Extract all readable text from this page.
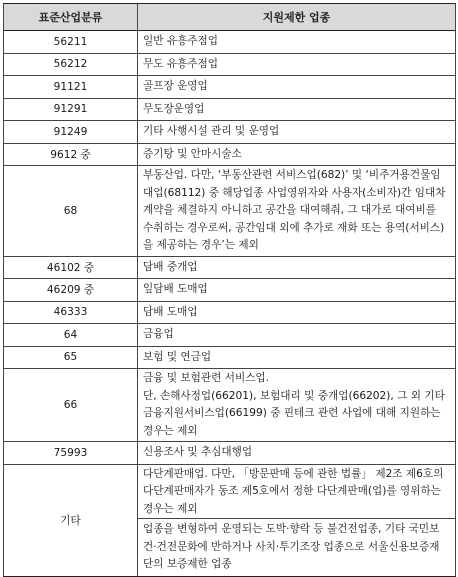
표준산업분류	지원제한 업종
56211	일반 유흥주점업

56212	무도 유흥주점업

91121	골프장 운영업

91291	무도장운영업

91249	기타 사행시설 관리 및 운영업

9612 중	증기탕 및 안마시술소

68	부동산업. 다만, ‘부동산관련 서비스업(682)’ 및 ‘비주거용건물임대업(68112) 중 해당업종 사업영위자와 사용자(소비자)간 임대차계약을 체결하지 아니하고 공간을 대여해줘, 그 대가로 대여비를 수취하는 경우로써, 공간임대 외에 추가로 재화 또는 용역(서비스)을 제공하는 경우’는 제외

46102 중	담배 중개업

46209 중	잎담배 도매업

46333	담배 도매업

64	금융업

65	보험 및 연금업

66	금융 및 보험관련 서비스업.
단, 손해사정업(66201), 보험대리 및 중개업(66202), 그 외 기타 금융지원서비스업(66199) 중 핀테크 관련 사업에 대해 지원하는 경우는 제외

75993	신용조사 및 추심대행업

기타	다단계판매업. 다만, 「방문판매 등에 관한 법률」 제2조 제6호의 다단계판매자가 동조 제5호에서 정한 다단계판매(업)를 영위하는 경우는 제외
업종을 변형하여 운영되는 도박·향락 등 불건전업종, 기타 국민보건·건전문화에 반하거나 사치·투기조장 업종으로 서울신용보증재단의 보증제한 업종
